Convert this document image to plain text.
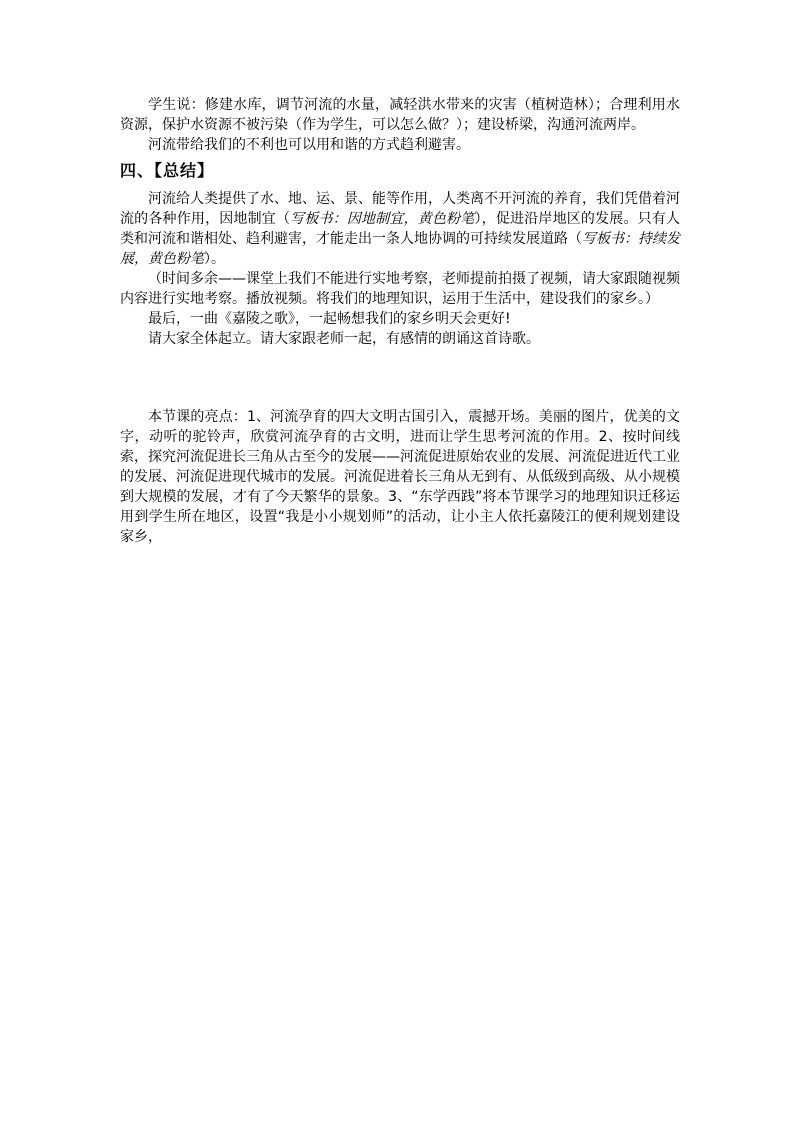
学生说：修建水库，调节河流的水量，减轻洪水带来的灾害（植树造林）；合理利用水资源，保护水资源不被污染（作为学生，可以怎么做？）；建设桥梁，沟通河流两岸。

河流带给我们的不利也可以用和谐的方式趋利避害。

四、【总结】

河流给人类提供了水、地、运、景、能等作用，人类离不开河流的养育，我们凭借着河流的各种作用，因地制宜（写板书：因地制宜，黄色粉笔），促进沿岸地区的发展。只有人类和河流和谐相处、趋利避害，才能走出一条人地协调的可持续发展道路（写板书：持续发展，黄色粉笔）。

（时间多余——课堂上我们不能进行实地考察，老师提前拍摄了视频，请大家跟随视频内容进行实地考察。播放视频。将我们的地理知识，运用于生活中，建设我们的家乡。）

最后，一曲《嘉陵之歌》，一起畅想我们的家乡明天会更好!

请大家全体起立。请大家跟老师一起，有感情的朗诵这首诗歌。

本节课的亮点：1、河流孕育的四大文明古国引入，震撼开场。美丽的图片，优美的文字，动听的驼铃声，欣赏河流孕育的古文明，进而让学生思考河流的作用。2、按时间线索，探究河流促进长三角从古至今的发展——河流促进原始农业的发展、河流促进近代工业的发展、河流促进现代城市的发展。河流促进着长三角从无到有、从低级到高级、从小规模到大规模的发展，才有了今天繁华的景象。3、“东学西践”将本节课学习的地理知识迁移运用到学生所在地区，设置“我是小小规划师”的活动，让小主人依托嘉陵江的便利规划建设家乡，
